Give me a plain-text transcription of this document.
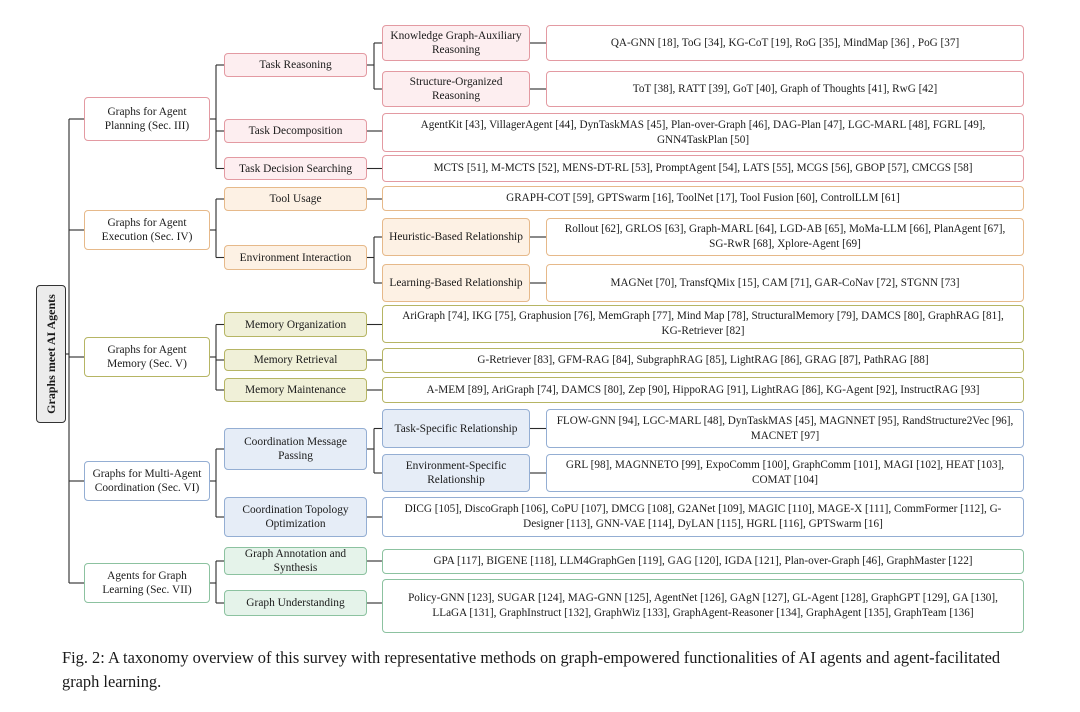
Graphs meet AI Agents
Graphs for Agent Planning (Sec. III)
Task Reasoning
Knowledge Graph-Auxiliary Reasoning
QA-GNN [18], ToG [34], KG-CoT [19], RoG [35], MindMap [36] , PoG [37]
Structure-Organized Reasoning
ToT [38], RATT [39], GoT [40], Graph of Thoughts [41], RwG [42]
Task Decomposition
AgentKit [43], VillagerAgent [44], DynTaskMAS [45], Plan-over-Graph [46], DAG-Plan [47], LGC-MARL [48], FGRL [49], GNN4TaskPlan [50]
Task Decision Searching	MCTS [51], M-MCTS [52], MENS-DT-RL [53], PromptAgent [54], LATS [55], MCGS [56], GBOP [57], CMCGS [58]
Graphs for Agent Execution (Sec. IV)
Tool Usage	GRAPH-COT [59], GPTSwarm [16], ToolNet [17], Tool Fusion [60], ControlLLM [61]
Environment Interaction
Heuristic-Based Relationship
Rollout [62], GRLOS [63], Graph-MARL [64], LGD-AB [65], MoMa-LLM [66], PlanAgent [67], SG-RwR [68], Xplore-Agent [69]
Learning-Based Relationship	MAGNet [70], TransfQMix [15], CAM [71], GAR-CoNav [72], STGNN [73]
Graphs for Agent Memory (Sec. V)
Memory Organization
AriGraph [74], IKG [75], Graphusion [76], MemGraph [77], Mind Map [78], StructuralMemory [79], DAMCS [80], GraphRAG [81], KG-Retriever [82]
Memory Retrieval	G-Retriever [83], GFM-RAG [84], SubgraphRAG [85], LightRAG [86], GRAG [87], PathRAG [88]
Memory Maintenance	A-MEM [89], AriGraph [74], DAMCS [80], Zep [90], HippoRAG [91], LightRAG [86], KG-Agent [92], InstructRAG [93]
Graphs for Multi-Agent Coordination (Sec. VI)
Coordination Message Passing
Task-Specific Relationship
FLOW-GNN [94], LGC-MARL [48], DynTaskMAS [45], MAGNNET [95], RandStructure2Vec [96], MACNET [97]
Environment-Specific Relationship
GRL [98], MAGNNETO [99], ExpoComm [100], GraphComm [101], MAGI [102], HEAT [103], COMAT [104]
Coordination Topology Optimization
DICG [105], DiscoGraph [106], CoPU [107], DMCG [108], G2ANet [109], MAGIC [110], MAGE-X [111], CommFormer [112], G-Designer [113], GNN-VAE [114], DyLAN [115], HGRL [116], GPTSwarm [16]
Agents for Graph Learning (Sec. VII)
Graph Annotation and Synthesis
GPA [117], BIGENE [118], LLM4GraphGen [119], GAG [120], IGDA [121], Plan-over-Graph [46], GraphMaster [122]
Graph Understanding	Policy-GNN [123], SUGAR [124], MAG-GNN [125], AgentNet [126], GAgN [127], GL-Agent [128], GraphGPT [129], GA [130], LLaGA [131], GraphInstruct [132], GraphWiz [133], GraphAgent-Reasoner [134], GraphAgent [135], GraphTeam [136]
Fig. 2: A taxonomy overview of this survey with representative methods on graph-empowered functionalities of AI agents and agent-facilitated graph learning.
